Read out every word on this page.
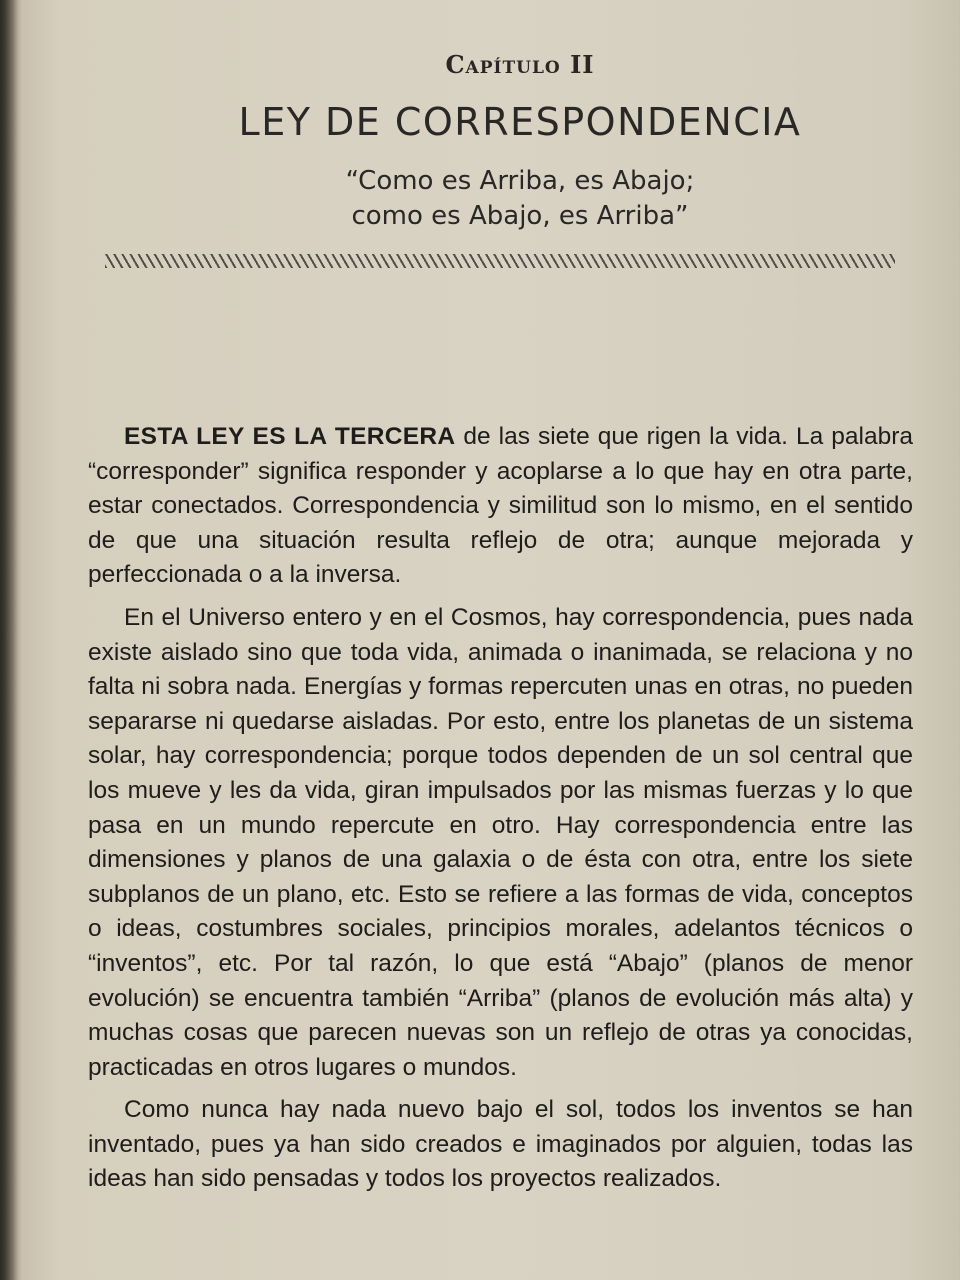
Capítulo II
LEY DE CORRESPONDENCIA
“Como es Arriba, es Abajo;
como es Abajo, es Arriba”

ESTA LEY ES LA TERCERA de las siete que rigen la vida. La palabra “corresponder” significa responder y acoplarse a lo que hay en otra parte, estar conectados. Correspondencia y similitud son lo mismo, en el sentido de que una situación resulta reflejo de otra; aunque mejorada y perfeccionada o a la inversa.

En el Universo entero y en el Cosmos, hay correspondencia, pues nada existe aislado sino que toda vida, animada o inanimada, se relaciona y no falta ni sobra nada. Energías y formas repercuten unas en otras, no pueden separarse ni quedarse aisladas. Por esto, entre los planetas de un sistema solar, hay correspondencia; porque todos dependen de un sol central que los mueve y les da vida, giran impulsados por las mismas fuerzas y lo que pasa en un mundo repercute en otro. Hay correspondencia entre las dimensiones y planos de una galaxia o de ésta con otra, entre los siete subplanos de un plano, etc. Esto se refiere a las formas de vida, conceptos o ideas, costumbres sociales, principios morales, adelantos técnicos o “inventos”, etc. Por tal razón, lo que está “Abajo” (planos de menor evolución) se encuentra también “Arriba” (planos de evolución más alta) y muchas cosas que parecen nuevas son un reflejo de otras ya conocidas, practicadas en otros lugares o mundos.

Como nunca hay nada nuevo bajo el sol, todos los inventos se han inventado, pues ya han sido creados e imaginados por alguien, todas las ideas han sido pensadas y todos los proyectos realizados.
